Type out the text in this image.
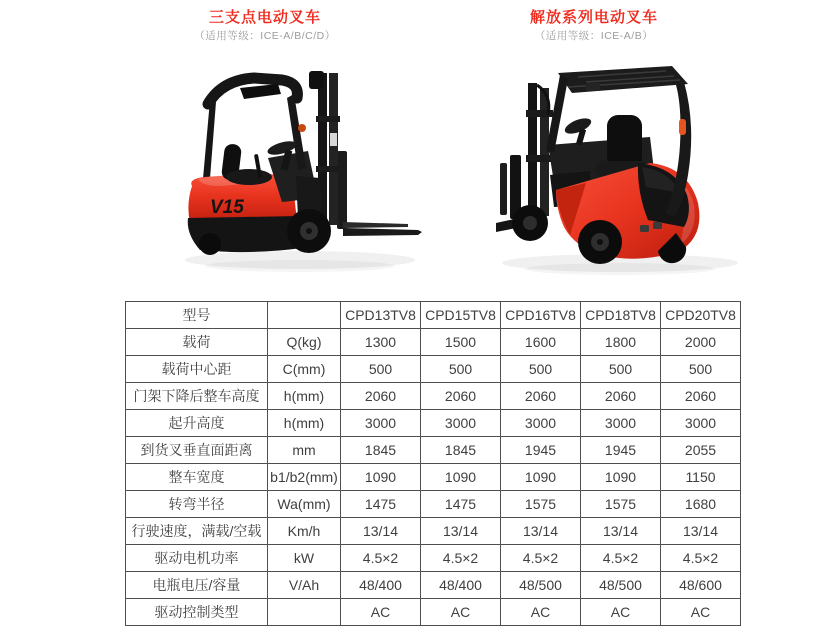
三支点电动叉车
（适用等级：ICE-A/B/C/D）
解放系列电动叉车
（适用等级：ICE-A/B）
V15
型号		CPD13TV8	CPD15TV8	CPD16TV8	CPD18TV8	CPD20TV8
载荷	Q(kg)	1300	1500	1600	1800	2000
载荷中心距	C(mm)	500	500	500	500	500
门架下降后整车高度	h(mm)	2060	2060	2060	2060	2060
起升高度	h(mm)	3000	3000	3000	3000	3000
到货叉垂直面距离	mm	1845	1845	1945	1945	2055
整车宽度	b1/b2(mm)	1090	1090	1090	1090	1150
转弯半径	Wa(mm)	1475	1475	1575	1575	1680
行驶速度，满载/空载	Km/h	13/14	13/14	13/14	13/14	13/14
驱动电机功率	kW	4.5×2	4.5×2	4.5×2	4.5×2	4.5×2
电瓶电压/容量	V/Ah	48/400	48/400	48/500	48/500	48/600
驱动控制类型		AC	AC	AC	AC	AC
